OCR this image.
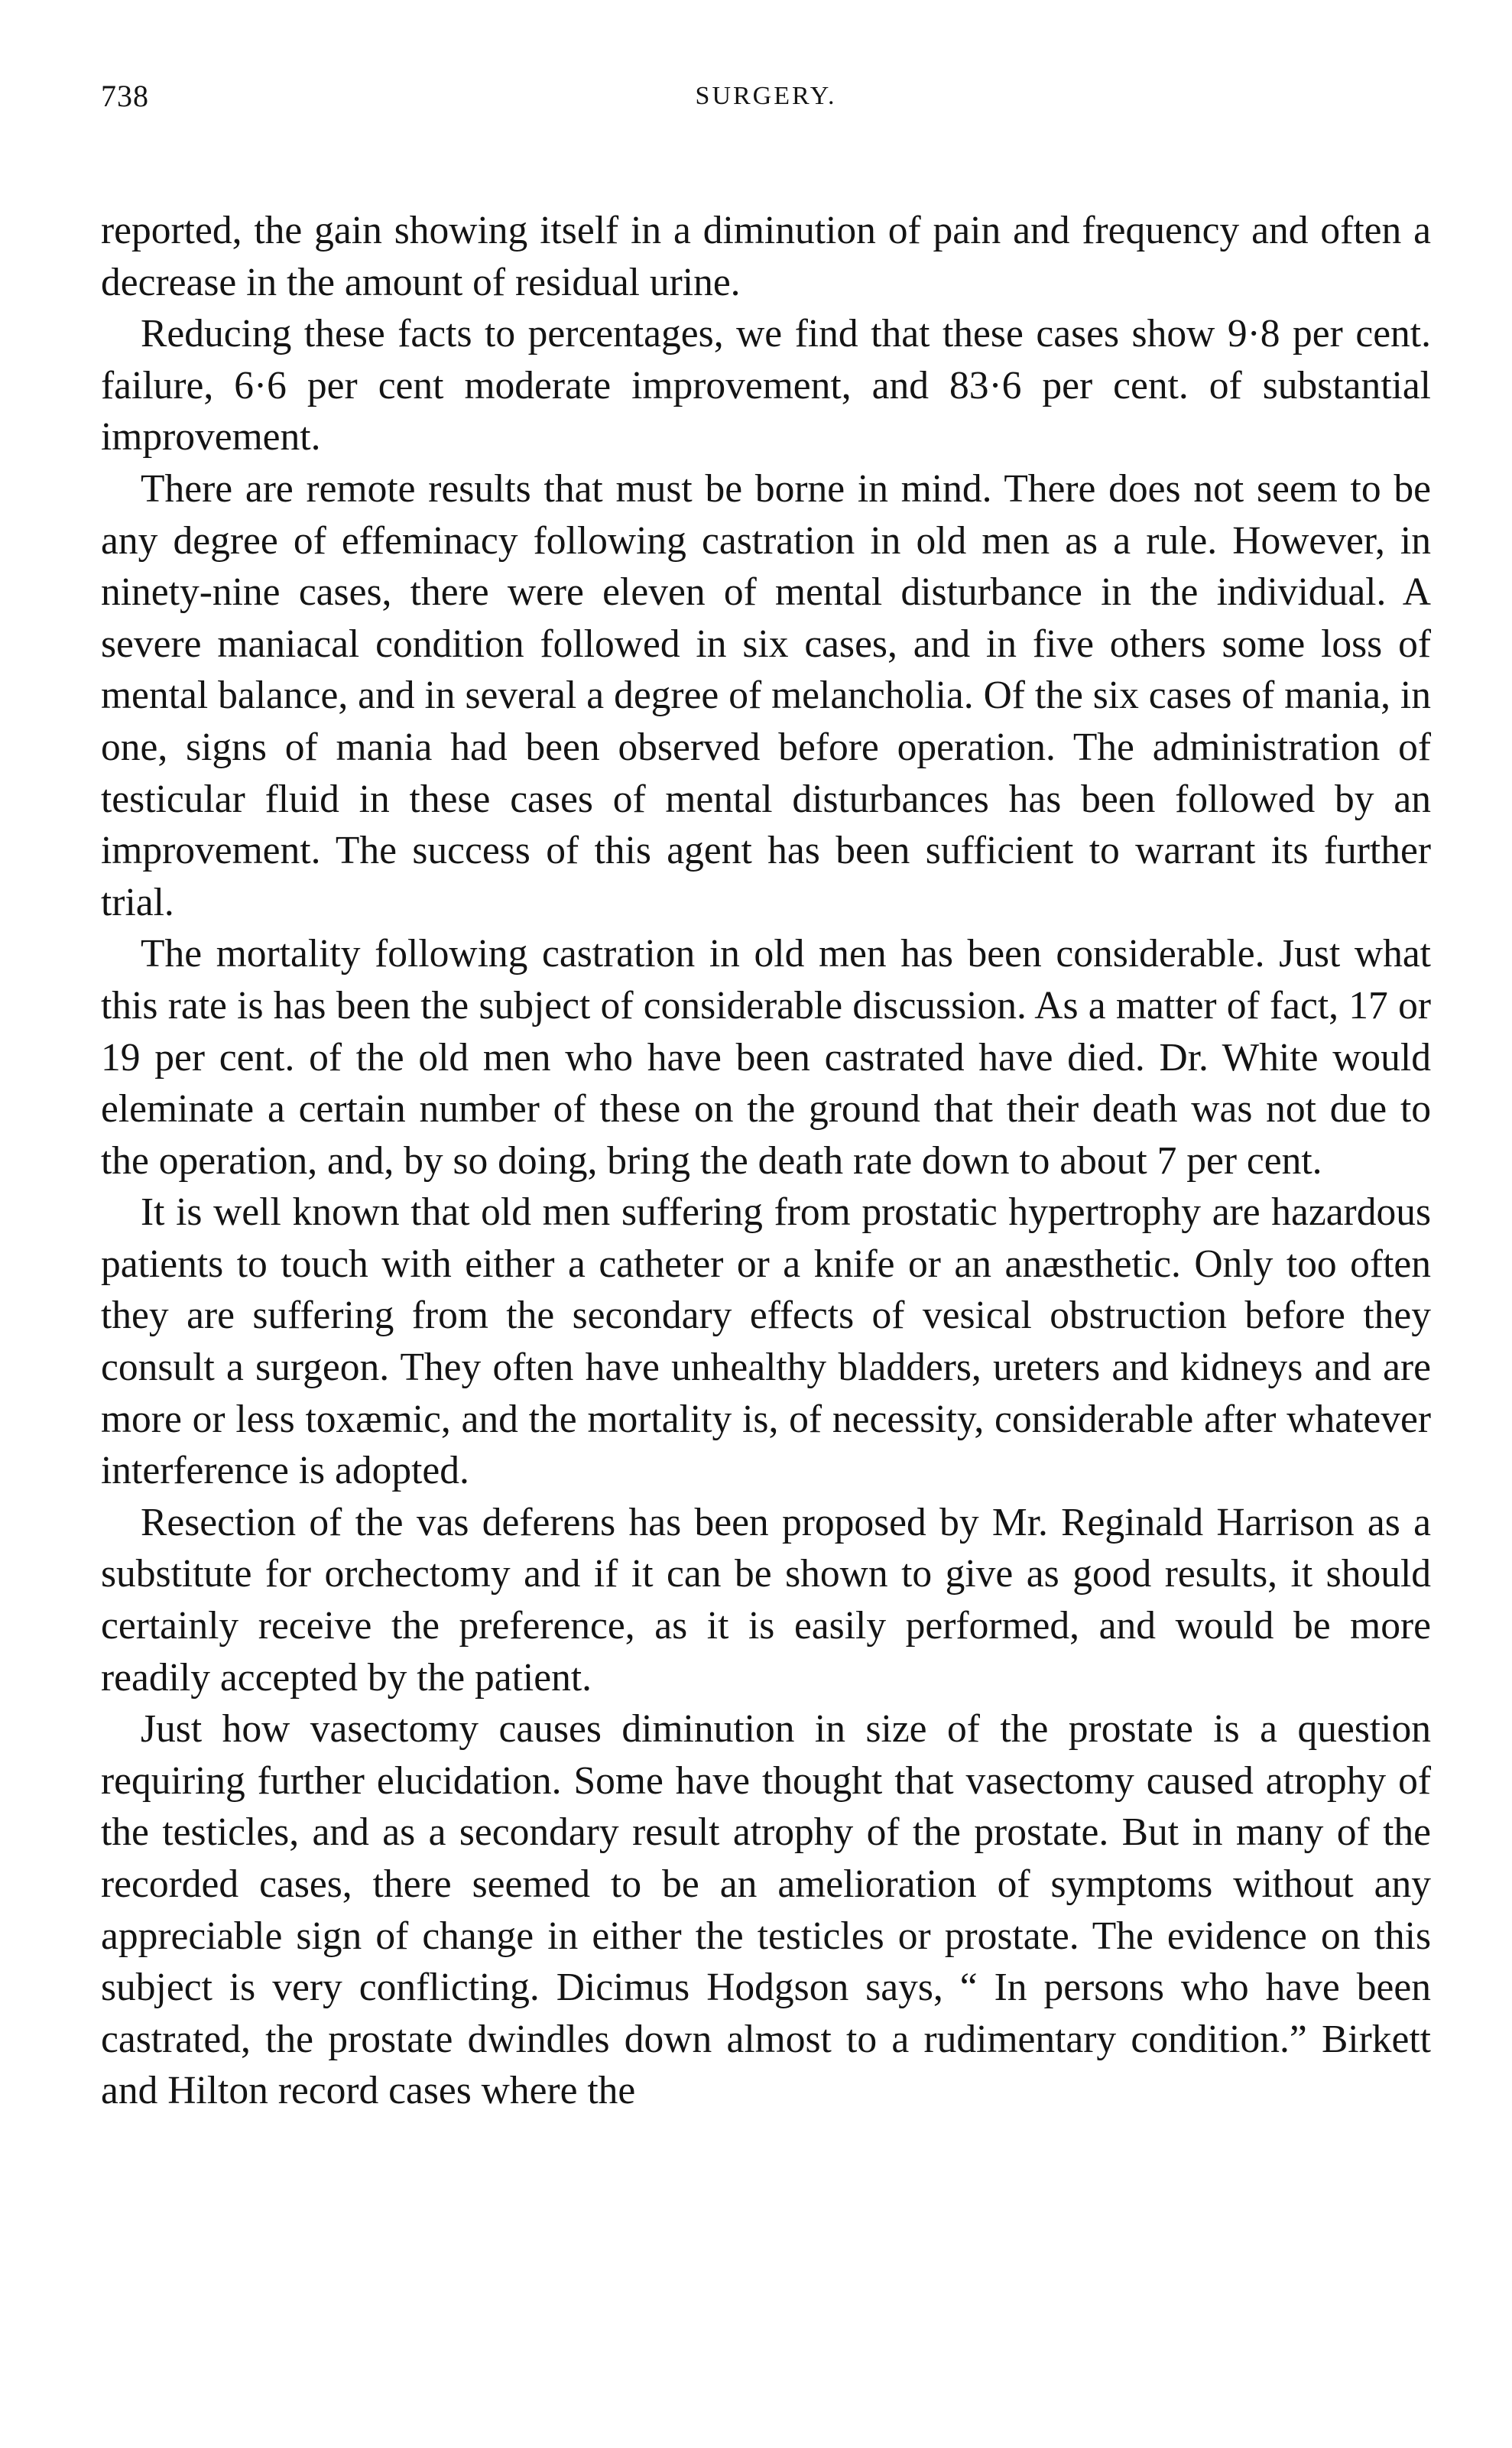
738	SURGERY.

reported, the gain showing itself in a diminution of pain and frequency and often a decrease in the amount of residual urine.

Reducing these facts to percentages, we find that these cases show 9·8 per cent. failure, 6·6 per cent moderate improvement, and 83·6 per cent. of substantial improvement.

There are remote results that must be borne in mind. There does not seem to be any degree of effeminacy following castration in old men as a rule. However, in ninety-nine cases, there were eleven of mental disturbance in the individual. A severe maniacal condition followed in six cases, and in five others some loss of mental balance, and in several a degree of melancholia. Of the six cases of mania, in one, signs of mania had been observed before operation. The administration of testicular fluid in these cases of mental disturbances has been followed by an improvement. The success of this agent has been sufficient to warrant its further trial.

The mortality following castration in old men has been considerable. Just what this rate is has been the subject of considerable discussion. As a matter of fact, 17 or 19 per cent. of the old men who have been castrated have died. Dr. White would eleminate a certain number of these on the ground that their death was not due to the operation, and, by so doing, bring the death rate down to about 7 per cent.

It is well known that old men suffering from prostatic hypertrophy are hazardous patients to touch with either a catheter or a knife or an anæsthetic. Only too often they are suffering from the secondary effects of vesical obstruction before they consult a surgeon. They often have unhealthy bladders, ureters and kidneys and are more or less toxæmic, and the mortality is, of necessity, considerable after whatever interference is adopted.

Resection of the vas deferens has been proposed by Mr. Reginald Harrison as a substitute for orchectomy and if it can be shown to give as good results, it should certainly receive the preference, as it is easily performed, and would be more readily accepted by the patient.

Just how vasectomy causes diminution in size of the prostate is a question requiring further elucidation. Some have thought that vasectomy caused atrophy of the testicles, and as a secondary result atrophy of the prostate. But in many of the recorded cases, there seemed to be an amelioration of symptoms without any appreciable sign of change in either the testicles or prostate. The evidence on this subject is very conflicting. Dicimus Hodgson says, “ In persons who have been castrated, the prostate dwindles down almost to a rudimentary condition.” Birkett and Hilton record cases where the
